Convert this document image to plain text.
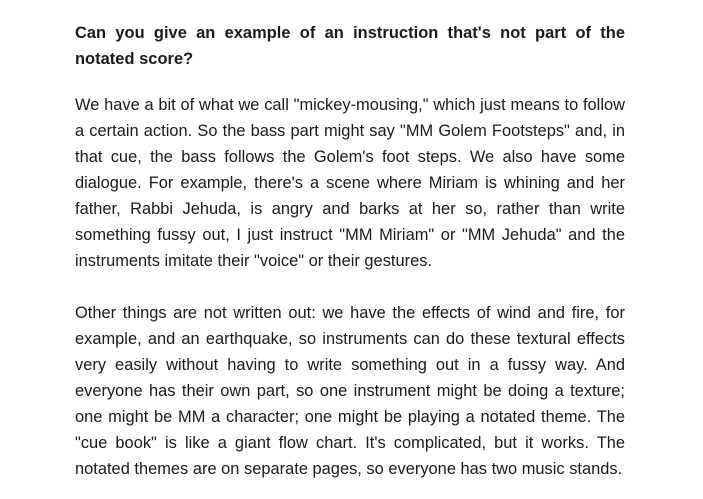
Can you give an example of an instruction that's not part of the notated score?

We have a bit of what we call "mickey-mousing," which just means to follow a certain action. So the bass part might say "MM Golem Footsteps" and, in that cue, the bass follows the Golem's foot steps. We also have some dialogue. For example, there's a scene where Miriam is whining and her father, Rabbi Jehuda, is angry and barks at her so, rather than write something fussy out, I just instruct "MM Miriam" or "MM Jehuda" and the instruments imitate their "voice" or their gestures.

Other things are not written out: we have the effects of wind and fire, for example, and an earthquake, so instruments can do these textural effects very easily without having to write something out in a fussy way. And everyone has their own part, so one instrument might be doing a texture; one might be MM a character; one might be playing a notated theme. The "cue book" is like a giant flow chart. It's complicated, but it works. The notated themes are on separate pages, so everyone has two music stands.
